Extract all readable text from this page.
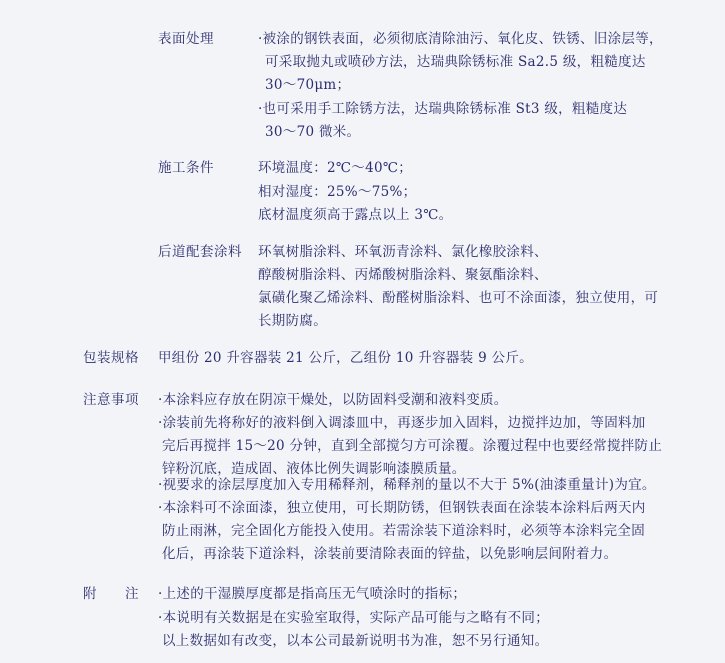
表面处理	·被涂的钢铁表面，必须彻底清除油污、氧化皮、铁锈、旧涂层等，
可采取抛丸或喷砂方法，达瑞典除锈标准 Sa2.5 级，粗糙度达
30～70μm；
·也可采用手工除锈方法，达瑞典除锈标准 St3 级，粗糙度达
30～70 微米。
施工条件	环境温度：2℃～40℃；
相对湿度：25%～75%；
底材温度须高于露点以上 3℃。
后道配套涂料 环氧树脂涂料、环氧沥青涂料、氯化橡胶涂料、
醇酸树脂涂料、丙烯酸树脂涂料、聚氨酯涂料、
氯磺化聚乙烯涂料、酚醛树脂涂料、也可不涂面漆，独立使用，可
长期防腐。
包装规格 甲组份 20 升容器装 21 公斤，乙组份 10 升容器装 9 公斤。
注意事项 ·本涂料应存放在阴凉干燥处，以防固料受潮和液料变质。
·涂装前先将称好的液料倒入调漆皿中，再逐步加入固料，边搅拌边加，等固料加
完后再搅拌 15～20 分钟，直到全部搅匀方可涂覆。涂覆过程中也要经常搅拌防止
锌粉沉底，造成固、液体比例失调影响漆膜质量。
·视要求的涂层厚度加入专用稀释剂，稀释剂的量以不大于 5%(油漆重量计)为宜。
·本涂料可不涂面漆，独立使用，可长期防锈，但钢铁表面在涂装本涂料后两天内
防止雨淋，完全固化方能投入使用。若需涂装下道涂料时，必须等本涂料完全固
化后，再涂装下道涂料，涂装前要清除表面的锌盐，以免影响层间附着力。
附　　注 ·上述的干湿膜厚度都是指高压无气喷涂时的指标；
·本说明有关数据是在实验室取得，实际产品可能与之略有不同；
以上数据如有改变，以本公司最新说明书为准，恕不另行通知。
